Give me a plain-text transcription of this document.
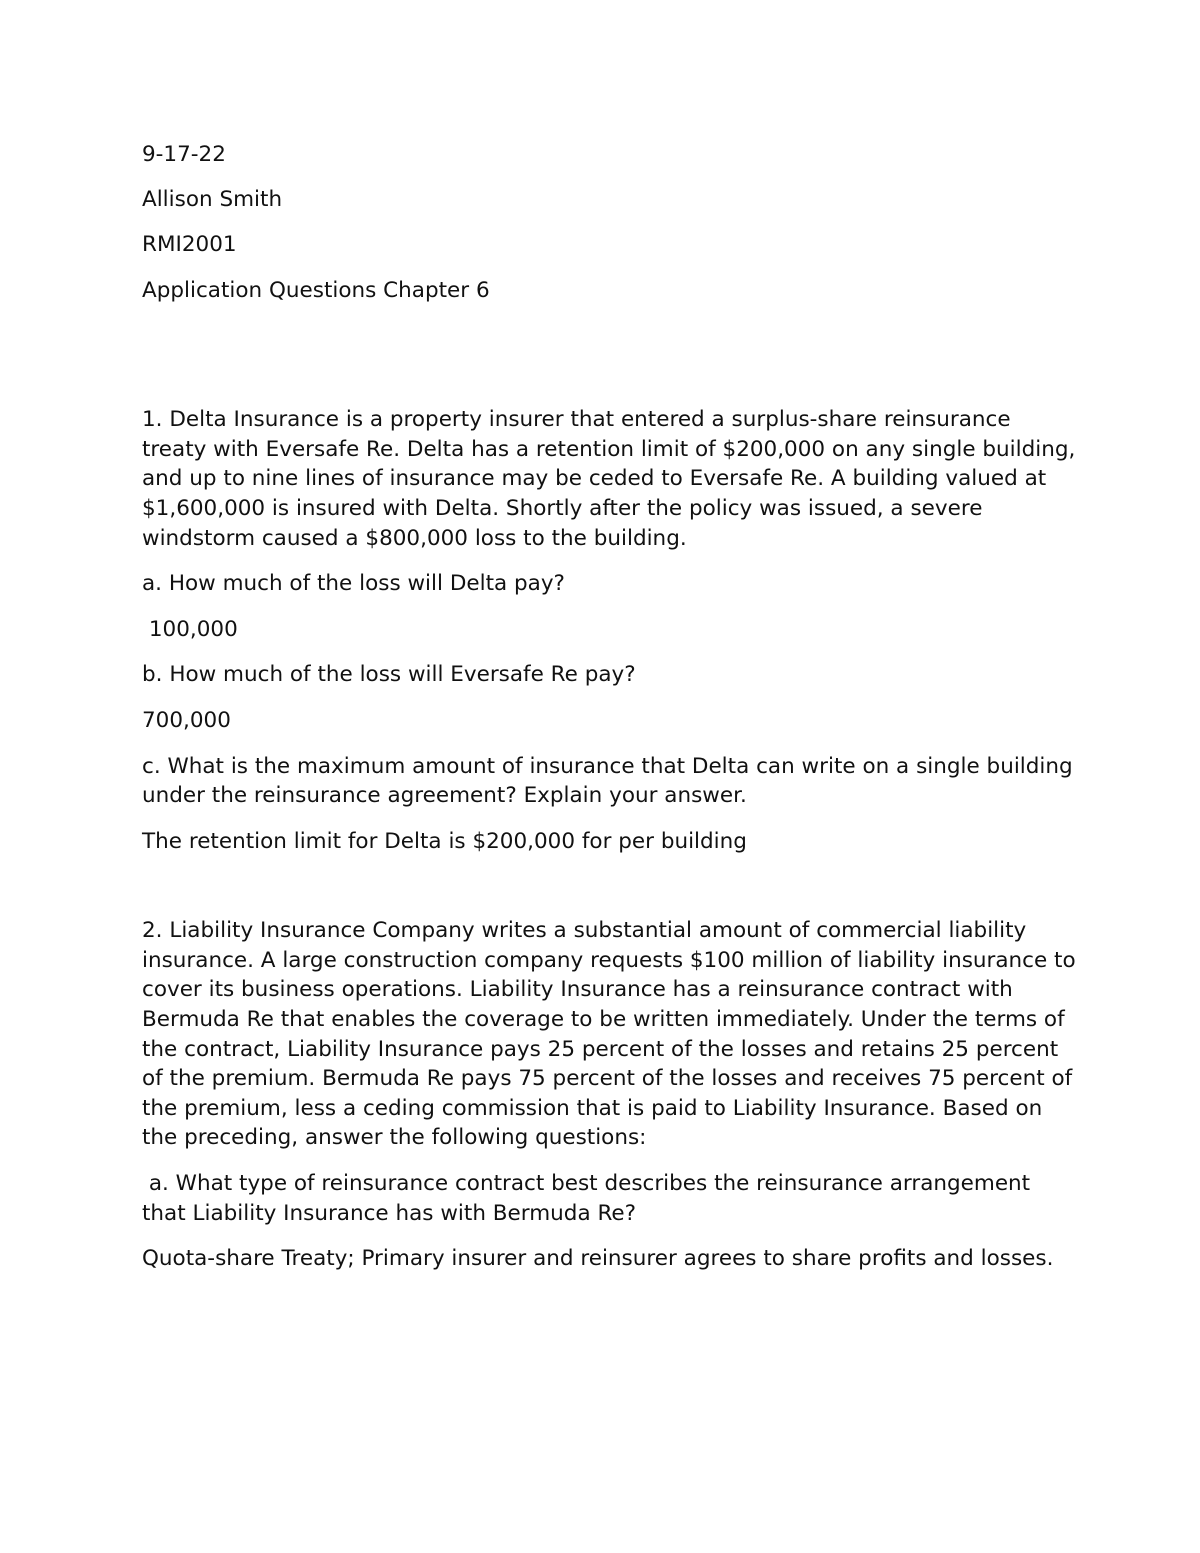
9-17-22

Allison Smith

RMI2001

Application Questions Chapter 6

1. Delta Insurance is a property insurer that entered a surplus-share reinsurance treaty with Eversafe Re. Delta has a retention limit of $200,000 on any single building, and up to nine lines of insurance may be ceded to Eversafe Re. A building valued at $1,600,000 is insured with Delta. Shortly after the policy was issued, a severe windstorm caused a $800,000 loss to the building.

a. How much of the loss will Delta pay?

100,000

b. How much of the loss will Eversafe Re pay?

700,000

c. What is the maximum amount of insurance that Delta can write on a single building under the reinsurance agreement? Explain your answer.

The retention limit for Delta is $200,000 for per building

2. Liability Insurance Company writes a substantial amount of commercial liability insurance. A large construction company requests $100 million of liability insurance to cover its business operations. Liability Insurance has a reinsurance contract with Bermuda Re that enables the coverage to be written immediately. Under the terms of the contract, Liability Insurance pays 25 percent of the losses and retains 25 percent of the premium. Bermuda Re pays 75 percent of the losses and receives 75 percent of the premium, less a ceding commission that is paid to Liability Insurance. Based on the preceding, answer the following questions:

a. What type of reinsurance contract best describes the reinsurance arrangement that Liability Insurance has with Bermuda Re?

Quota-share Treaty; Primary insurer and reinsurer agrees to share profits and losses.
